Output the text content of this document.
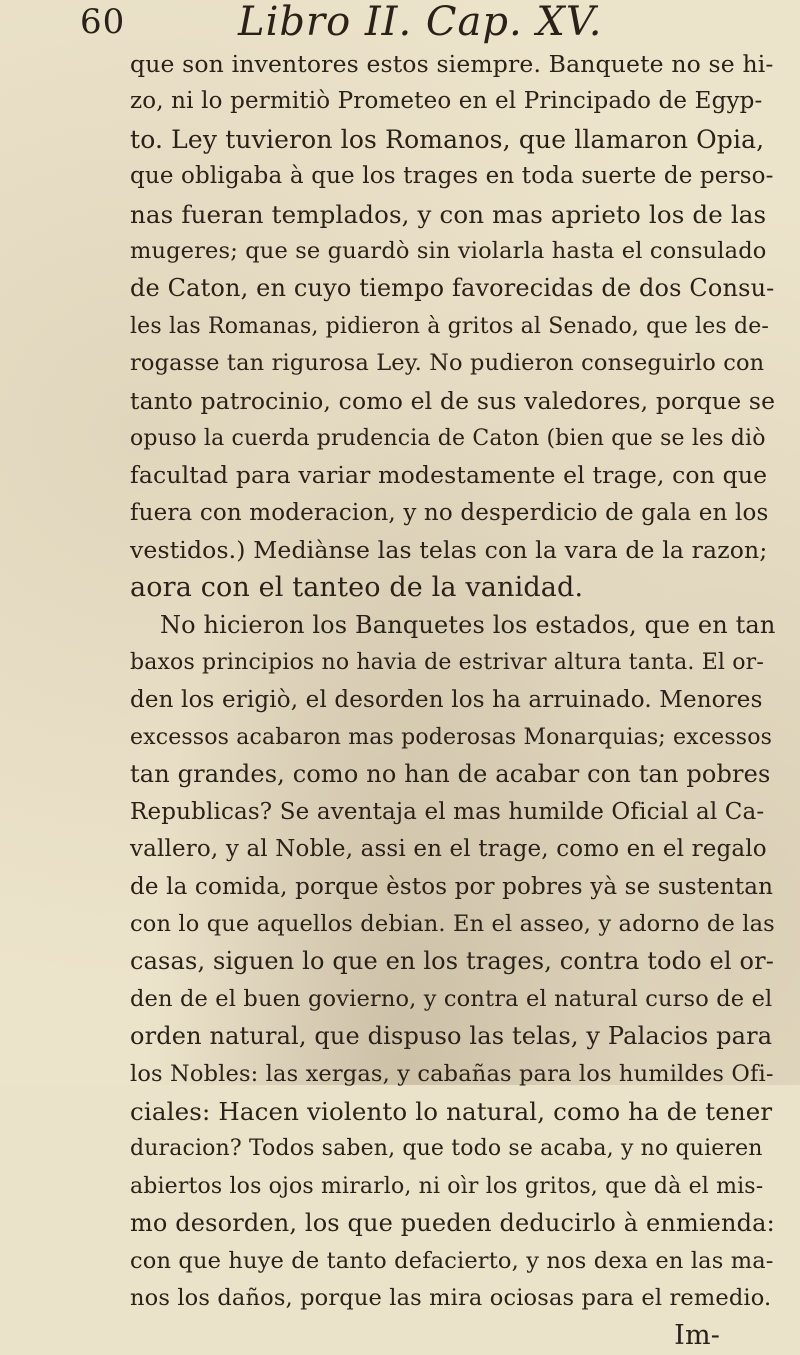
60	Libro II. Cap. XV.
que son inventores estos siempre. Banquete no se hi-
zo, ni lo permitiò Prometeo en el Principado de Egyp-
to. Ley tuvieron los Romanos, que llamaron Opia,
que obligaba à que los trages en toda suerte de perso-
nas fueran templados, y con mas aprieto los de las
mugeres; que se guardò sin violarla hasta el consulado
de Caton, en cuyo tiempo favorecidas de dos Consu-
les las Romanas, pidieron à gritos al Senado, que les de-
rogasse tan rigurosa Ley. No pudieron conseguirlo con
tanto patrocinio, como el de sus valedores, porque se
opuso la cuerda prudencia de Caton (bien que se les diò
facultad para variar modestamente el trage, con que
fuera con moderacion, y no desperdicio de gala en los
vestidos.) Mediànse las telas con la vara de la razon;
aora con el tanteo de la vanidad.
No hicieron los Banquetes los estados, que en tan
baxos principios no havia de estrivar altura tanta. El or-
den los erigiò, el desorden los ha arruinado. Menores
excessos acabaron mas poderosas Monarquias; excessos
tan grandes, como no han de acabar con tan pobres
Republicas? Se aventaja el mas humilde Oficial al Ca-
vallero, y al Noble, assi en el trage, como en el regalo
de la comida, porque èstos por pobres yà se sustentan
con lo que aquellos debian. En el asseo, y adorno de las
casas, siguen lo que en los trages, contra todo el or-
den de el buen govierno, y contra el natural curso de el
orden natural, que dispuso las telas, y Palacios para
los Nobles: las xergas, y cabañas para los humildes Ofi-
ciales: Hacen violento lo natural, como ha de tener
duracion? Todos saben, que todo se acaba, y no quieren
abiertos los ojos mirarlo, ni oìr los gritos, que dà el mis-
mo desorden, los que pueden deducirlo à enmienda:
con que huye de tanto defacierto, y nos dexa en las ma-
nos los daños, porque las mira ociosas para el remedio.
Im-
